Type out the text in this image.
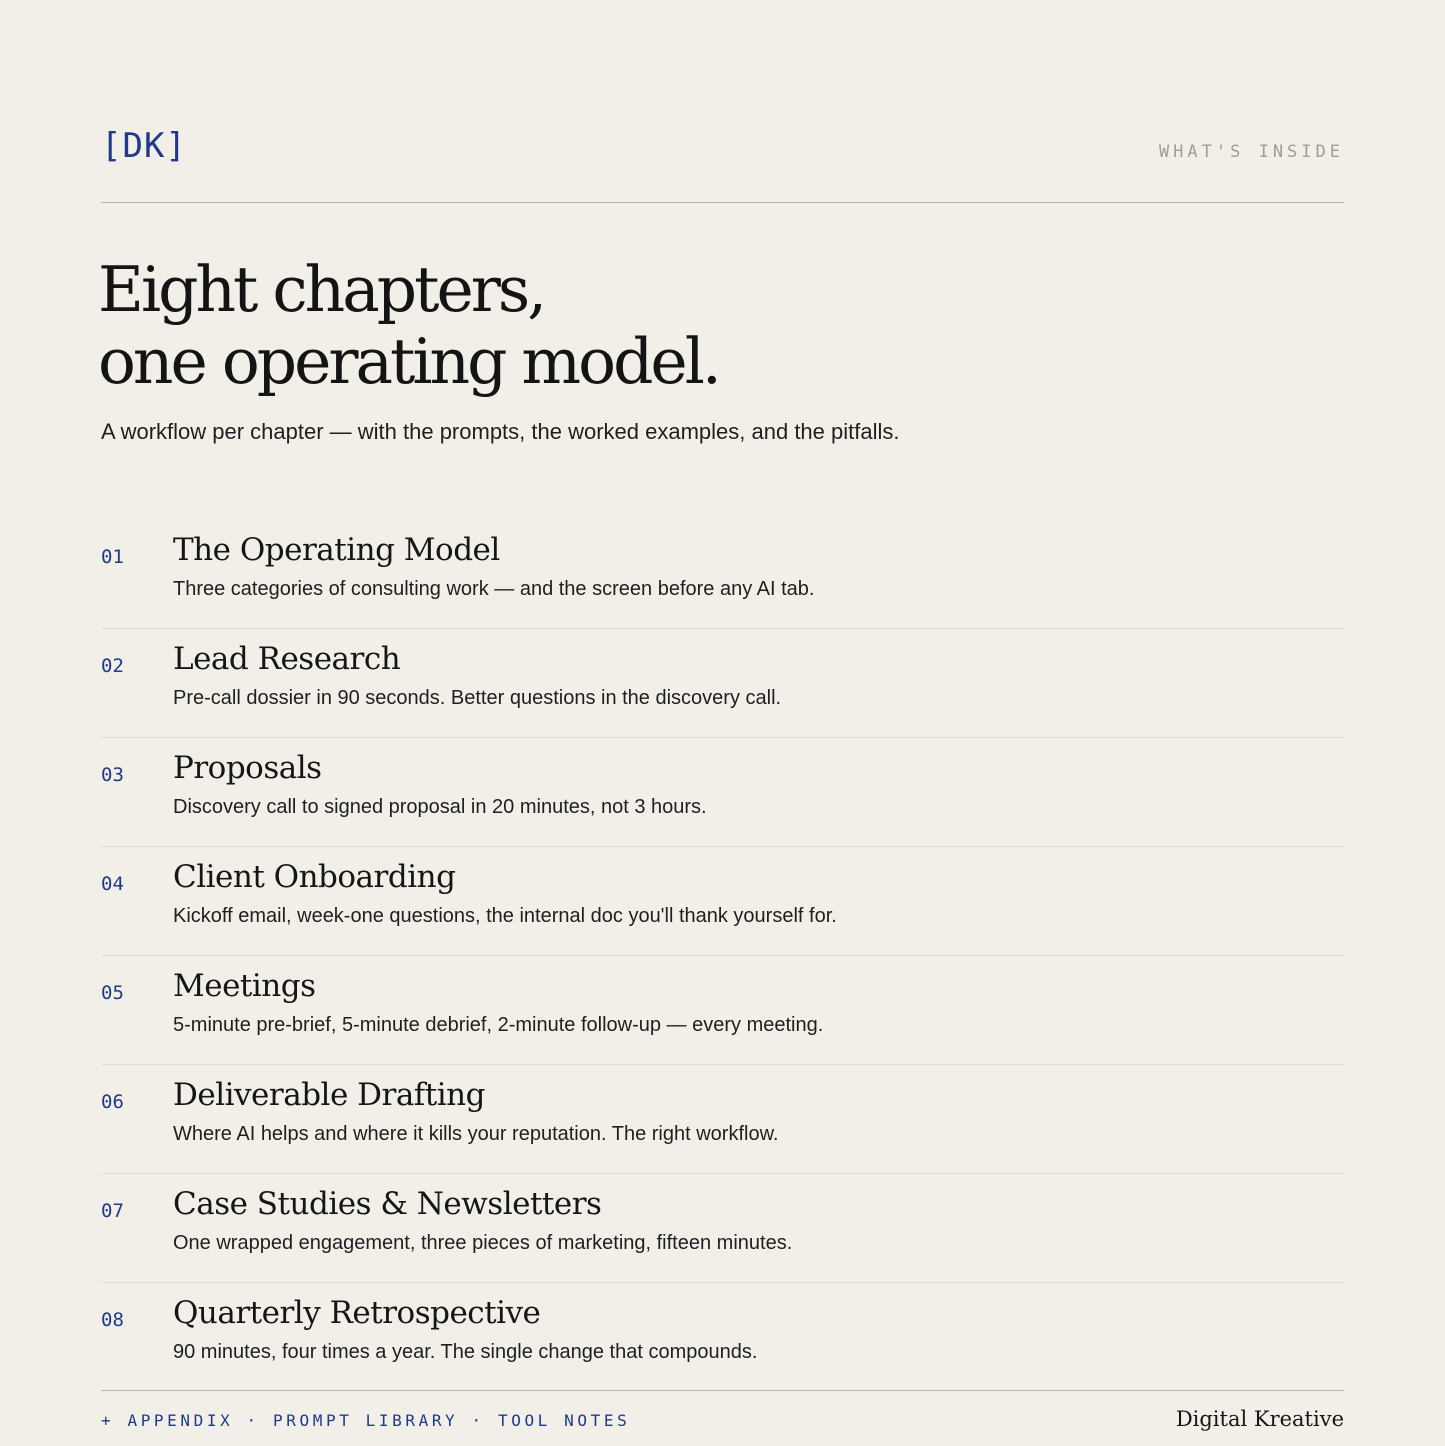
[DK]	WHAT'S INSIDE
Eight chapters,
one operating model.
A workflow per chapter — with the prompts, the worked examples, and the pitfalls.
01 The Operating Model
Three categories of consulting work — and the screen before any AI tab.
02 Lead Research
Pre-call dossier in 90 seconds. Better questions in the discovery call.
03 Proposals
Discovery call to signed proposal in 20 minutes, not 3 hours.
04 Client Onboarding
Kickoff email, week-one questions, the internal doc you'll thank yourself for.
05 Meetings
5-minute pre-brief, 5-minute debrief, 2-minute follow-up — every meeting.
06 Deliverable Drafting
Where AI helps and where it kills your reputation. The right workflow.
07 Case Studies & Newsletters
One wrapped engagement, three pieces of marketing, fifteen minutes.
08 Quarterly Retrospective
90 minutes, four times a year. The single change that compounds.
+ APPENDIX · PROMPT LIBRARY · TOOL NOTES	Digital Kreative
